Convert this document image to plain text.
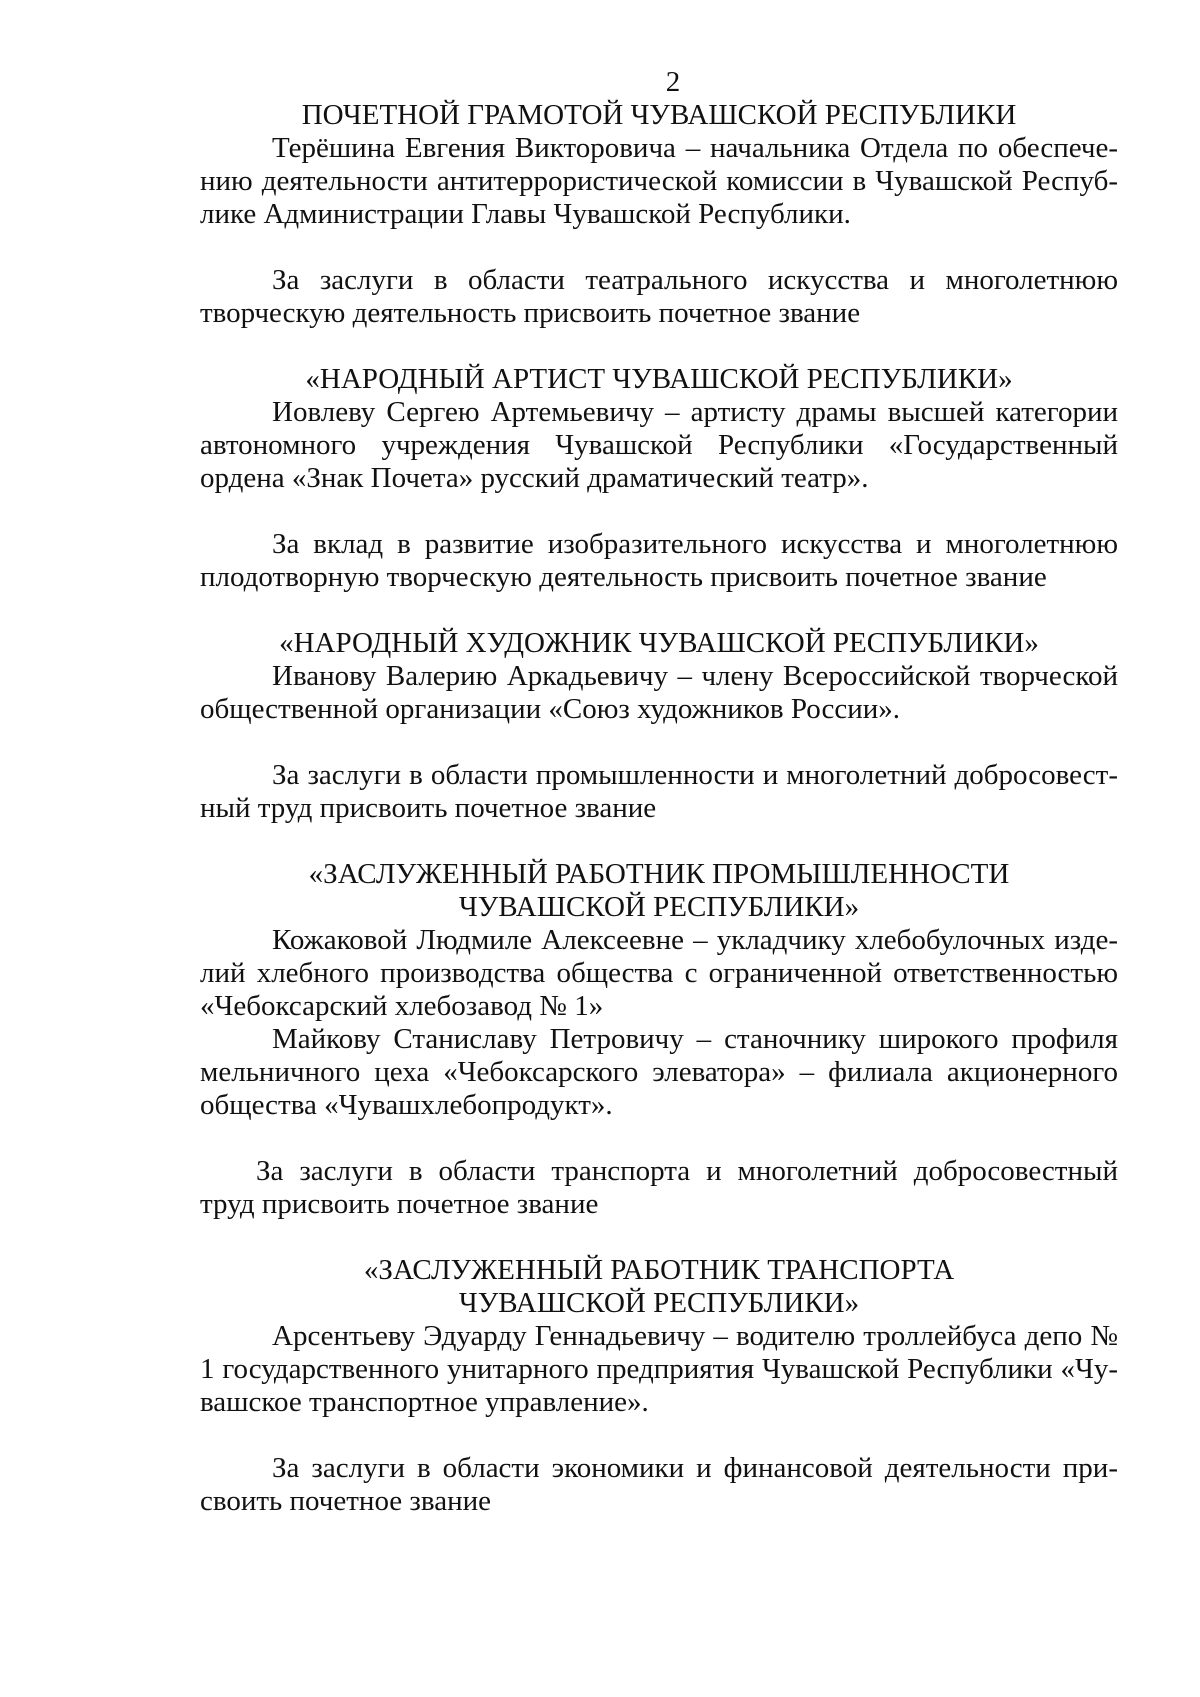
2
ПОЧЕТНОЙ ГРАМОТОЙ ЧУВАШСКОЙ РЕСПУБЛИКИ

Терёшина Евгения Викторовича – начальника Отдела по обеспечению деятельности антитеррористической комиссии в Чувашской Республике Администрации Главы Чувашской Республики.

За заслуги в области театрального искусства и многолетнюю творческую деятельность присвоить почетное звание

«НАРОДНЫЙ АРТИСТ ЧУВАШСКОЙ РЕСПУБЛИКИ»

Иовлеву Сергею Артемьевичу – артисту драмы высшей категории автономного учреждения Чувашской Республики «Государственный ордена «Знак Почета» русский драматический театр».

За вклад в развитие изобразительного искусства и многолетнюю плодотворную творческую деятельность присвоить почетное звание

«НАРОДНЫЙ ХУДОЖНИК ЧУВАШСКОЙ РЕСПУБЛИКИ»

Иванову Валерию Аркадьевичу – члену Всероссийской творческой общественной организации «Союз художников России».

За заслуги в области промышленности и многолетний добросовестный труд присвоить почетное звание

«ЗАСЛУЖЕННЫЙ РАБОТНИК ПРОМЫШЛЕННОСТИ
ЧУВАШСКОЙ РЕСПУБЛИКИ»

Кожаковой Людмиле Алексеевне – укладчику хлебобулочных изделий хлебного производства общества с ограниченной ответственностью «Чебоксарский хлебозавод № 1»

Майкову Станиславу Петровичу – станочнику широкого профиля мельничного цеха «Чебоксарского элеватора» – филиала акционерного общества «Чувашхлебопродукт».

За заслуги в области транспорта и многолетний добросовестный труд присвоить почетное звание

«ЗАСЛУЖЕННЫЙ РАБОТНИК ТРАНСПОРТА
ЧУВАШСКОЙ РЕСПУБЛИКИ»

Арсентьеву Эдуарду Геннадьевичу – водителю троллейбуса депо № 1 государственного унитарного предприятия Чувашской Республики «Чувашское транспортное управление».

За заслуги в области экономики и финансовой деятельности присвоить почетное звание
